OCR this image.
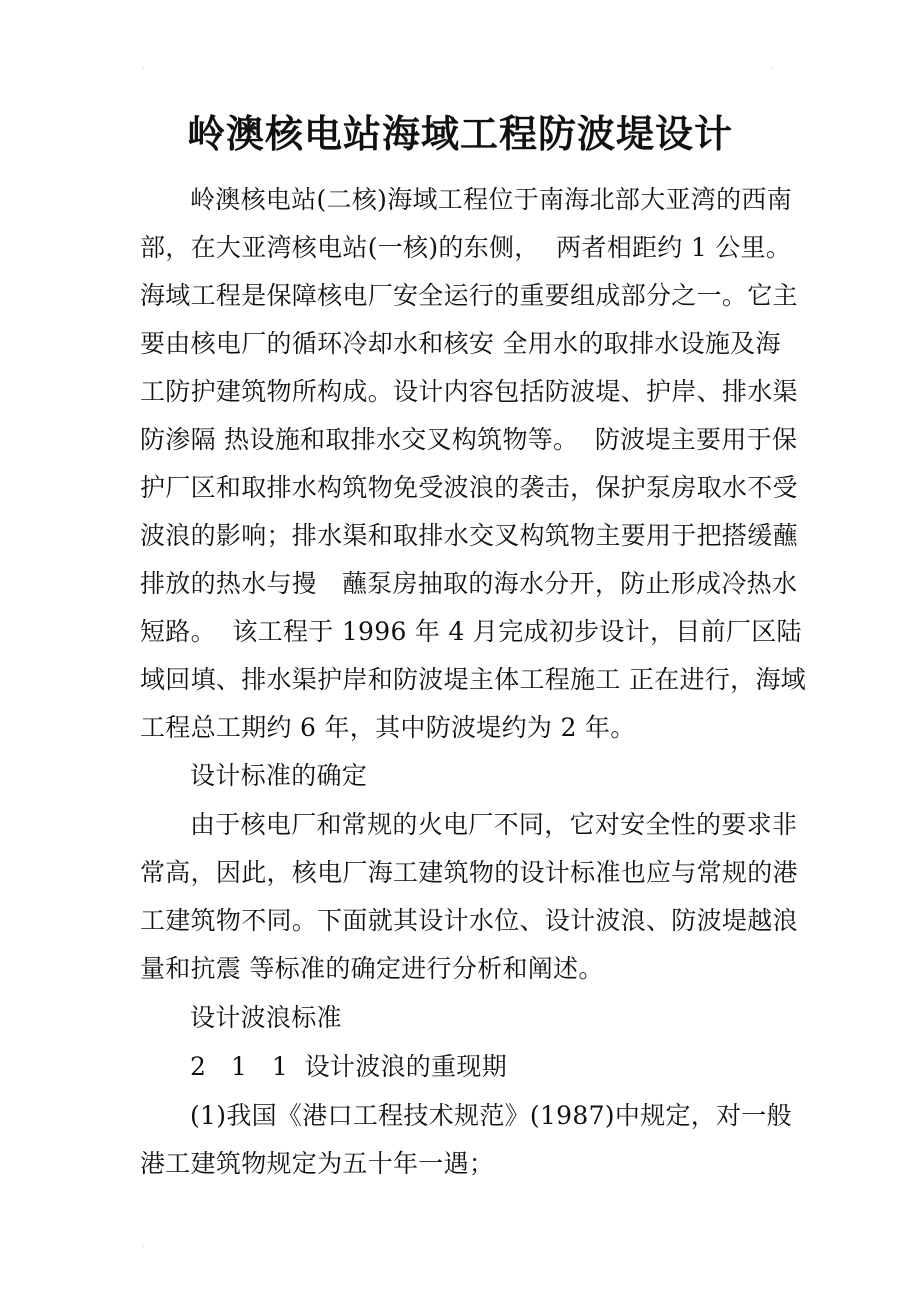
.	.
.
岭澳核电站海域工程防波堤设计
岭澳核电站(二核)海域工程位于南海北部大亚湾的西南
部，在大亚湾核电站(一核)的东侧，  两者相距约 1 公里。
海域工程是保障核电厂安全运行的重要组成部分之一。它主
要由核电厂的循环冷却水和核安 全用水的取排水设施及海
工防护建筑物所构成。设计内容包括防波堤、护岸、排水渠
防渗隔 热设施和取排水交叉构筑物等。  防波堤主要用于保
护厂区和取排水构筑物免受波浪的袭击，保护泵房取水不受
波浪的影响；排水渠和取排水交叉构筑物主要用于把搭缓蘸
排放的热水与摱   蘸泵房抽取的海水分开，防止形成冷热水
短路。  该工程于 1996 年 4 月完成初步设计，目前厂区陆
域回填、排水渠护岸和防波堤主体工程施工 正在进行，海域
工程总工期约 6 年，其中防波堤约为 2 年。
设计标准的确定
由于核电厂和常规的火电厂不同，它对安全性的要求非
常高，因此，核电厂海工建筑物的设计标准也应与常规的港
工建筑物不同。下面就其设计水位、设计波浪、防波堤越浪
量和抗震 等标准的确定进行分析和阐述。
设计波浪标准
2   1   1  设计波浪的重现期
(1)我国《港口工程技术规范》(1987)中规定，对一般
港工建筑物规定为五十年一遇；
